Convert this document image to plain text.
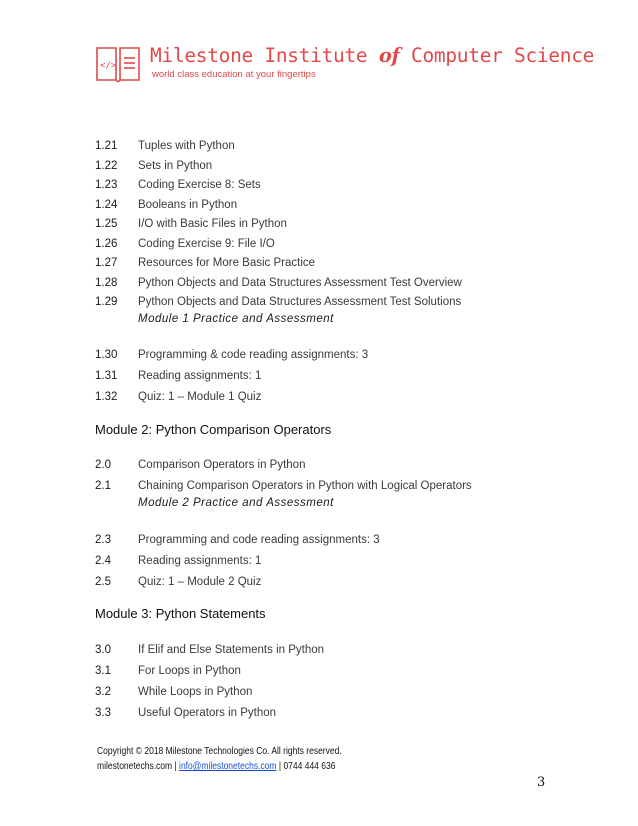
</> Milestone Institute of Computer Science
world class education at your fingertips
1.21 Tuples with Python
1.22 Sets in Python
1.23 Coding Exercise 8: Sets
1.24 Booleans in Python
1.25 I/O with Basic Files in Python
1.26 Coding Exercise 9: File I/O
1.27 Resources for More Basic Practice
1.28 Python Objects and Data Structures Assessment Test Overview
1.29 Python Objects and Data Structures Assessment Test Solutions
Module 1 Practice and Assessment
1.30 Programming & code reading assignments: 3
1.31 Reading assignments: 1
1.32 Quiz: 1 – Module 1 Quiz
Module 2: Python Comparison Operators
2.0 Comparison Operators in Python
2.1 Chaining Comparison Operators in Python with Logical Operators
Module 2 Practice and Assessment
2.3 Programming and code reading assignments: 3
2.4 Reading assignments: 1
2.5 Quiz: 1 – Module 2 Quiz
Module 3: Python Statements
3.0 If Elif and Else Statements in Python
3.1 For Loops in Python
3.2 While Loops in Python
3.3 Useful Operators in Python
Copyright © 2018 Milestone Technologies Co. All rights reserved.
milestonetechs.com | info@milestonetechs.com | 0744 444 636
3
